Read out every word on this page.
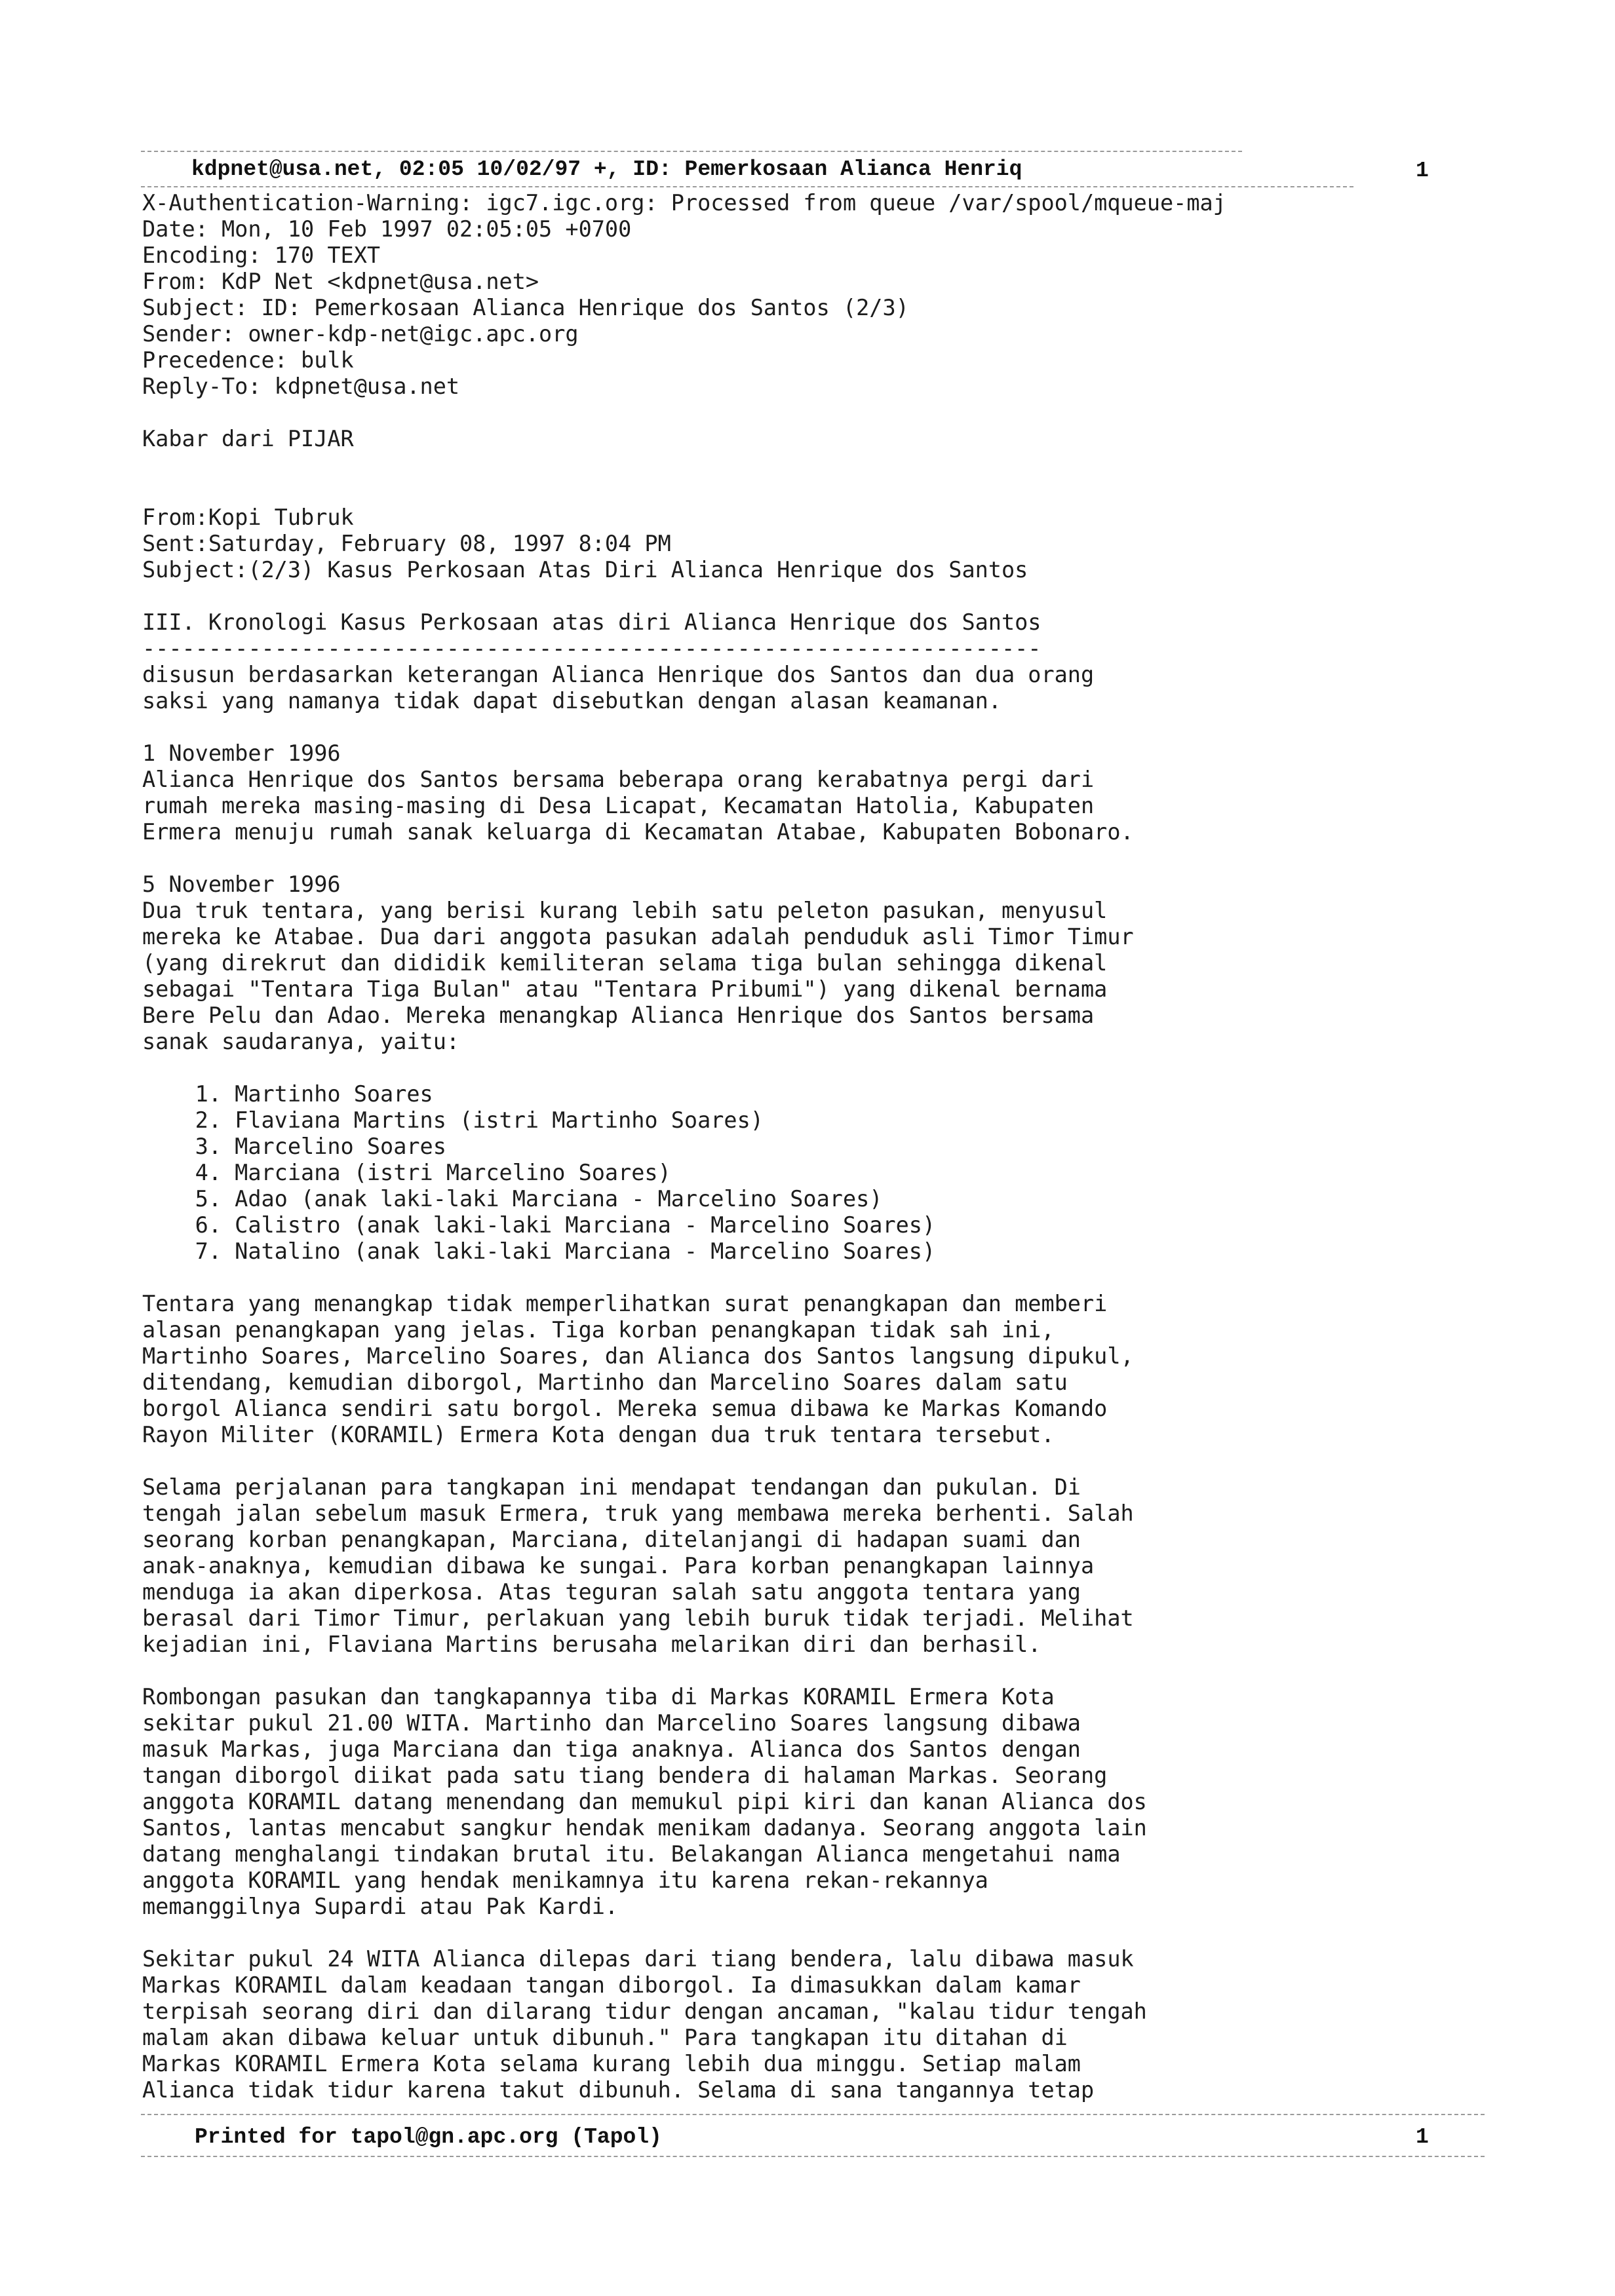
kdpnet@usa.net, 02:05 10/02/97 +, ID: Pemerkosaan Alianca Henriq	1
X-Authentication-Warning: igc7.igc.org: Processed from queue /var/spool/mqueue-maj
Date: Mon, 10 Feb 1997 02:05:05 +0700
Encoding: 170 TEXT
From: KdP Net <kdpnet@usa.net>
Subject: ID: Pemerkosaan Alianca Henrique dos Santos (2/3)
Sender: owner-kdp-net@igc.apc.org
Precedence: bulk
Reply-To: kdpnet@usa.net
Kabar dari PIJAR
From:Kopi Tubruk
Sent:Saturday, February 08, 1997 8:04 PM
Subject:(2/3) Kasus Perkosaan Atas Diri Alianca Henrique dos Santos
III. Kronologi Kasus Perkosaan atas diri Alianca Henrique dos Santos
--------------------------------------------------------------------
disusun berdasarkan keterangan Alianca Henrique dos Santos dan dua orang
saksi yang namanya tidak dapat disebutkan dengan alasan keamanan.
1 November 1996
Alianca Henrique dos Santos bersama beberapa orang kerabatnya pergi dari
rumah mereka masing-masing di Desa Licapat, Kecamatan Hatolia, Kabupaten
Ermera menuju rumah sanak keluarga di Kecamatan Atabae, Kabupaten Bobonaro.
5 November 1996
Dua truk tentara, yang berisi kurang lebih satu peleton pasukan, menyusul
mereka ke Atabae. Dua dari anggota pasukan adalah penduduk asli Timor Timur
(yang direkrut dan dididik kemiliteran selama tiga bulan sehingga dikenal
sebagai "Tentara Tiga Bulan" atau "Tentara Pribumi") yang dikenal bernama
Bere Pelu dan Adao. Mereka menangkap Alianca Henrique dos Santos bersama
sanak saudaranya, yaitu:
1. Martinho Soares
2. Flaviana Martins (istri Martinho Soares)
3. Marcelino Soares
4. Marciana (istri Marcelino Soares)
5. Adao (anak laki-laki Marciana - Marcelino Soares)
6. Calistro (anak laki-laki Marciana - Marcelino Soares)
7. Natalino (anak laki-laki Marciana - Marcelino Soares)
Tentara yang menangkap tidak memperlihatkan surat penangkapan dan memberi
alasan penangkapan yang jelas. Tiga korban penangkapan tidak sah ini,
Martinho Soares, Marcelino Soares, dan Alianca dos Santos langsung dipukul,
ditendang, kemudian diborgol, Martinho dan Marcelino Soares dalam satu
borgol Alianca sendiri satu borgol. Mereka semua dibawa ke Markas Komando
Rayon Militer (KORAMIL) Ermera Kota dengan dua truk tentara tersebut.
Selama perjalanan para tangkapan ini mendapat tendangan dan pukulan. Di
tengah jalan sebelum masuk Ermera, truk yang membawa mereka berhenti. Salah
seorang korban penangkapan, Marciana, ditelanjangi di hadapan suami dan
anak-anaknya, kemudian dibawa ke sungai. Para korban penangkapan lainnya
menduga ia akan diperkosa. Atas teguran salah satu anggota tentara yang
berasal dari Timor Timur, perlakuan yang lebih buruk tidak terjadi. Melihat
kejadian ini, Flaviana Martins berusaha melarikan diri dan berhasil.
Rombongan pasukan dan tangkapannya tiba di Markas KORAMIL Ermera Kota
sekitar pukul 21.00 WITA. Martinho dan Marcelino Soares langsung dibawa
masuk Markas, juga Marciana dan tiga anaknya. Alianca dos Santos dengan
tangan diborgol diikat pada satu tiang bendera di halaman Markas. Seorang
anggota KORAMIL datang menendang dan memukul pipi kiri dan kanan Alianca dos
Santos, lantas mencabut sangkur hendak menikam dadanya. Seorang anggota lain
datang menghalangi tindakan brutal itu. Belakangan Alianca mengetahui nama
anggota KORAMIL yang hendak menikamnya itu karena rekan-rekannya
memanggilnya Supardi atau Pak Kardi.
Sekitar pukul 24 WITA Alianca dilepas dari tiang bendera, lalu dibawa masuk
Markas KORAMIL dalam keadaan tangan diborgol. Ia dimasukkan dalam kamar
terpisah seorang diri dan dilarang tidur dengan ancaman, "kalau tidur tengah
malam akan dibawa keluar untuk dibunuh." Para tangkapan itu ditahan di
Markas KORAMIL Ermera Kota selama kurang lebih dua minggu. Setiap malam
Alianca tidak tidur karena takut dibunuh. Selama di sana tangannya tetap
Printed for tapol@gn.apc.org (Tapol)	1
